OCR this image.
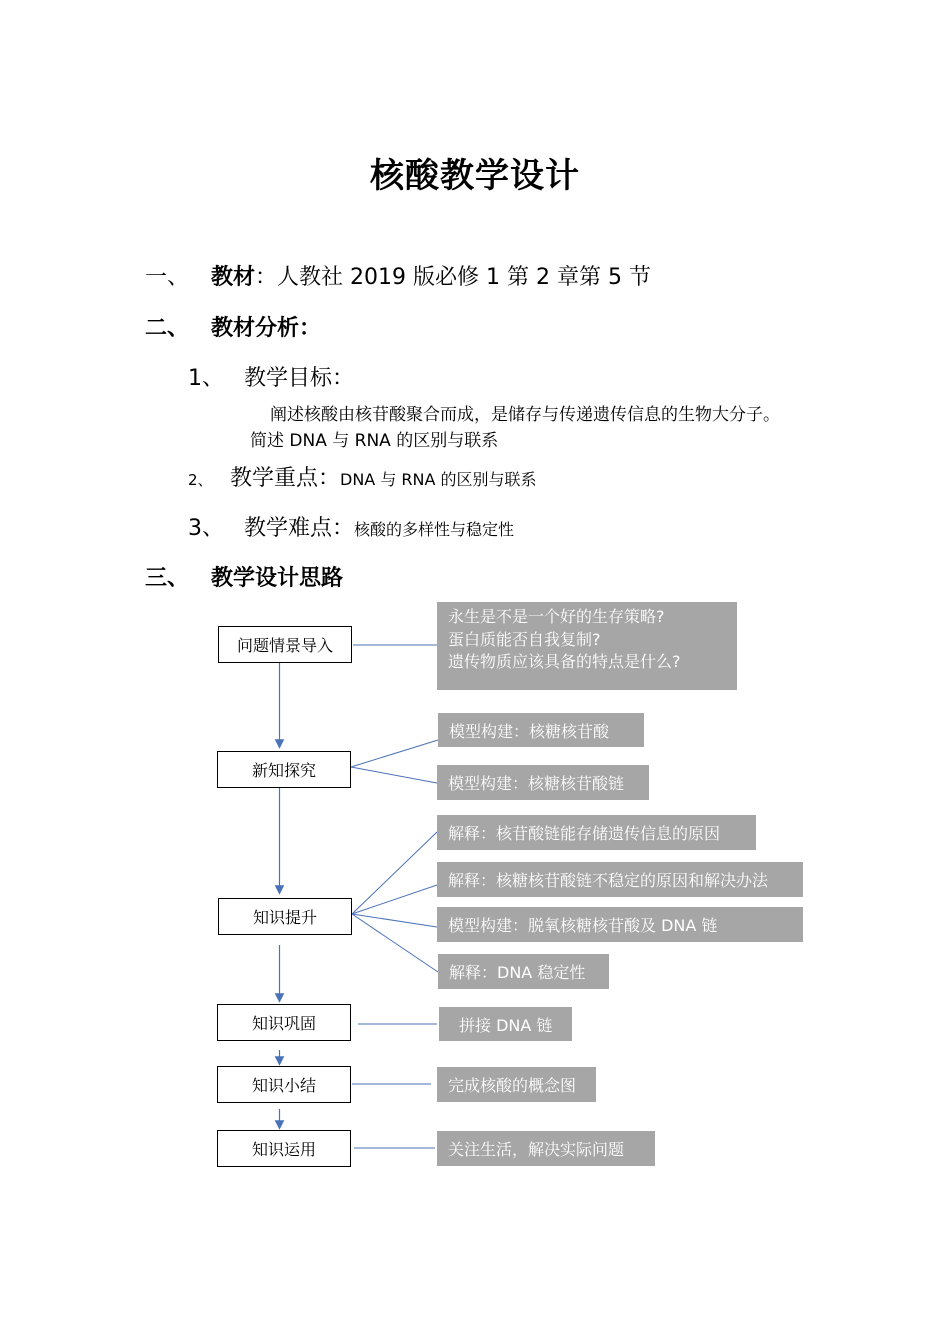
核酸教学设计
一、 教材：人教社 2019 版必修 1 第 2 章第 5 节
二、 教材分析：
1、 教学目标：
阐述核酸由核苷酸聚合而成，是储存与传递遗传信息的生物大分子。
简述 DNA 与 RNA 的区别与联系
2、 教学重点：DNA 与 RNA 的区别与联系
3、 教学难点：核酸的多样性与稳定性
三、 教学设计思路
问题情景导入
新知探究
知识提升
知识巩固
知识小结
知识运用
永生是不是一个好的生存策略?
蛋白质能否自我复制?
遗传物质应该具备的特点是什么?
模型构建：核糖核苷酸
模型构建：核糖核苷酸链
解释：核苷酸链能存储遗传信息的原因
解释：核糖核苷酸链不稳定的原因和解决办法
模型构建：脱氧核糖核苷酸及 DNA 链
解释：DNA 稳定性
拼接 DNA 链
完成核酸的概念图
关注生活，解决实际问题
